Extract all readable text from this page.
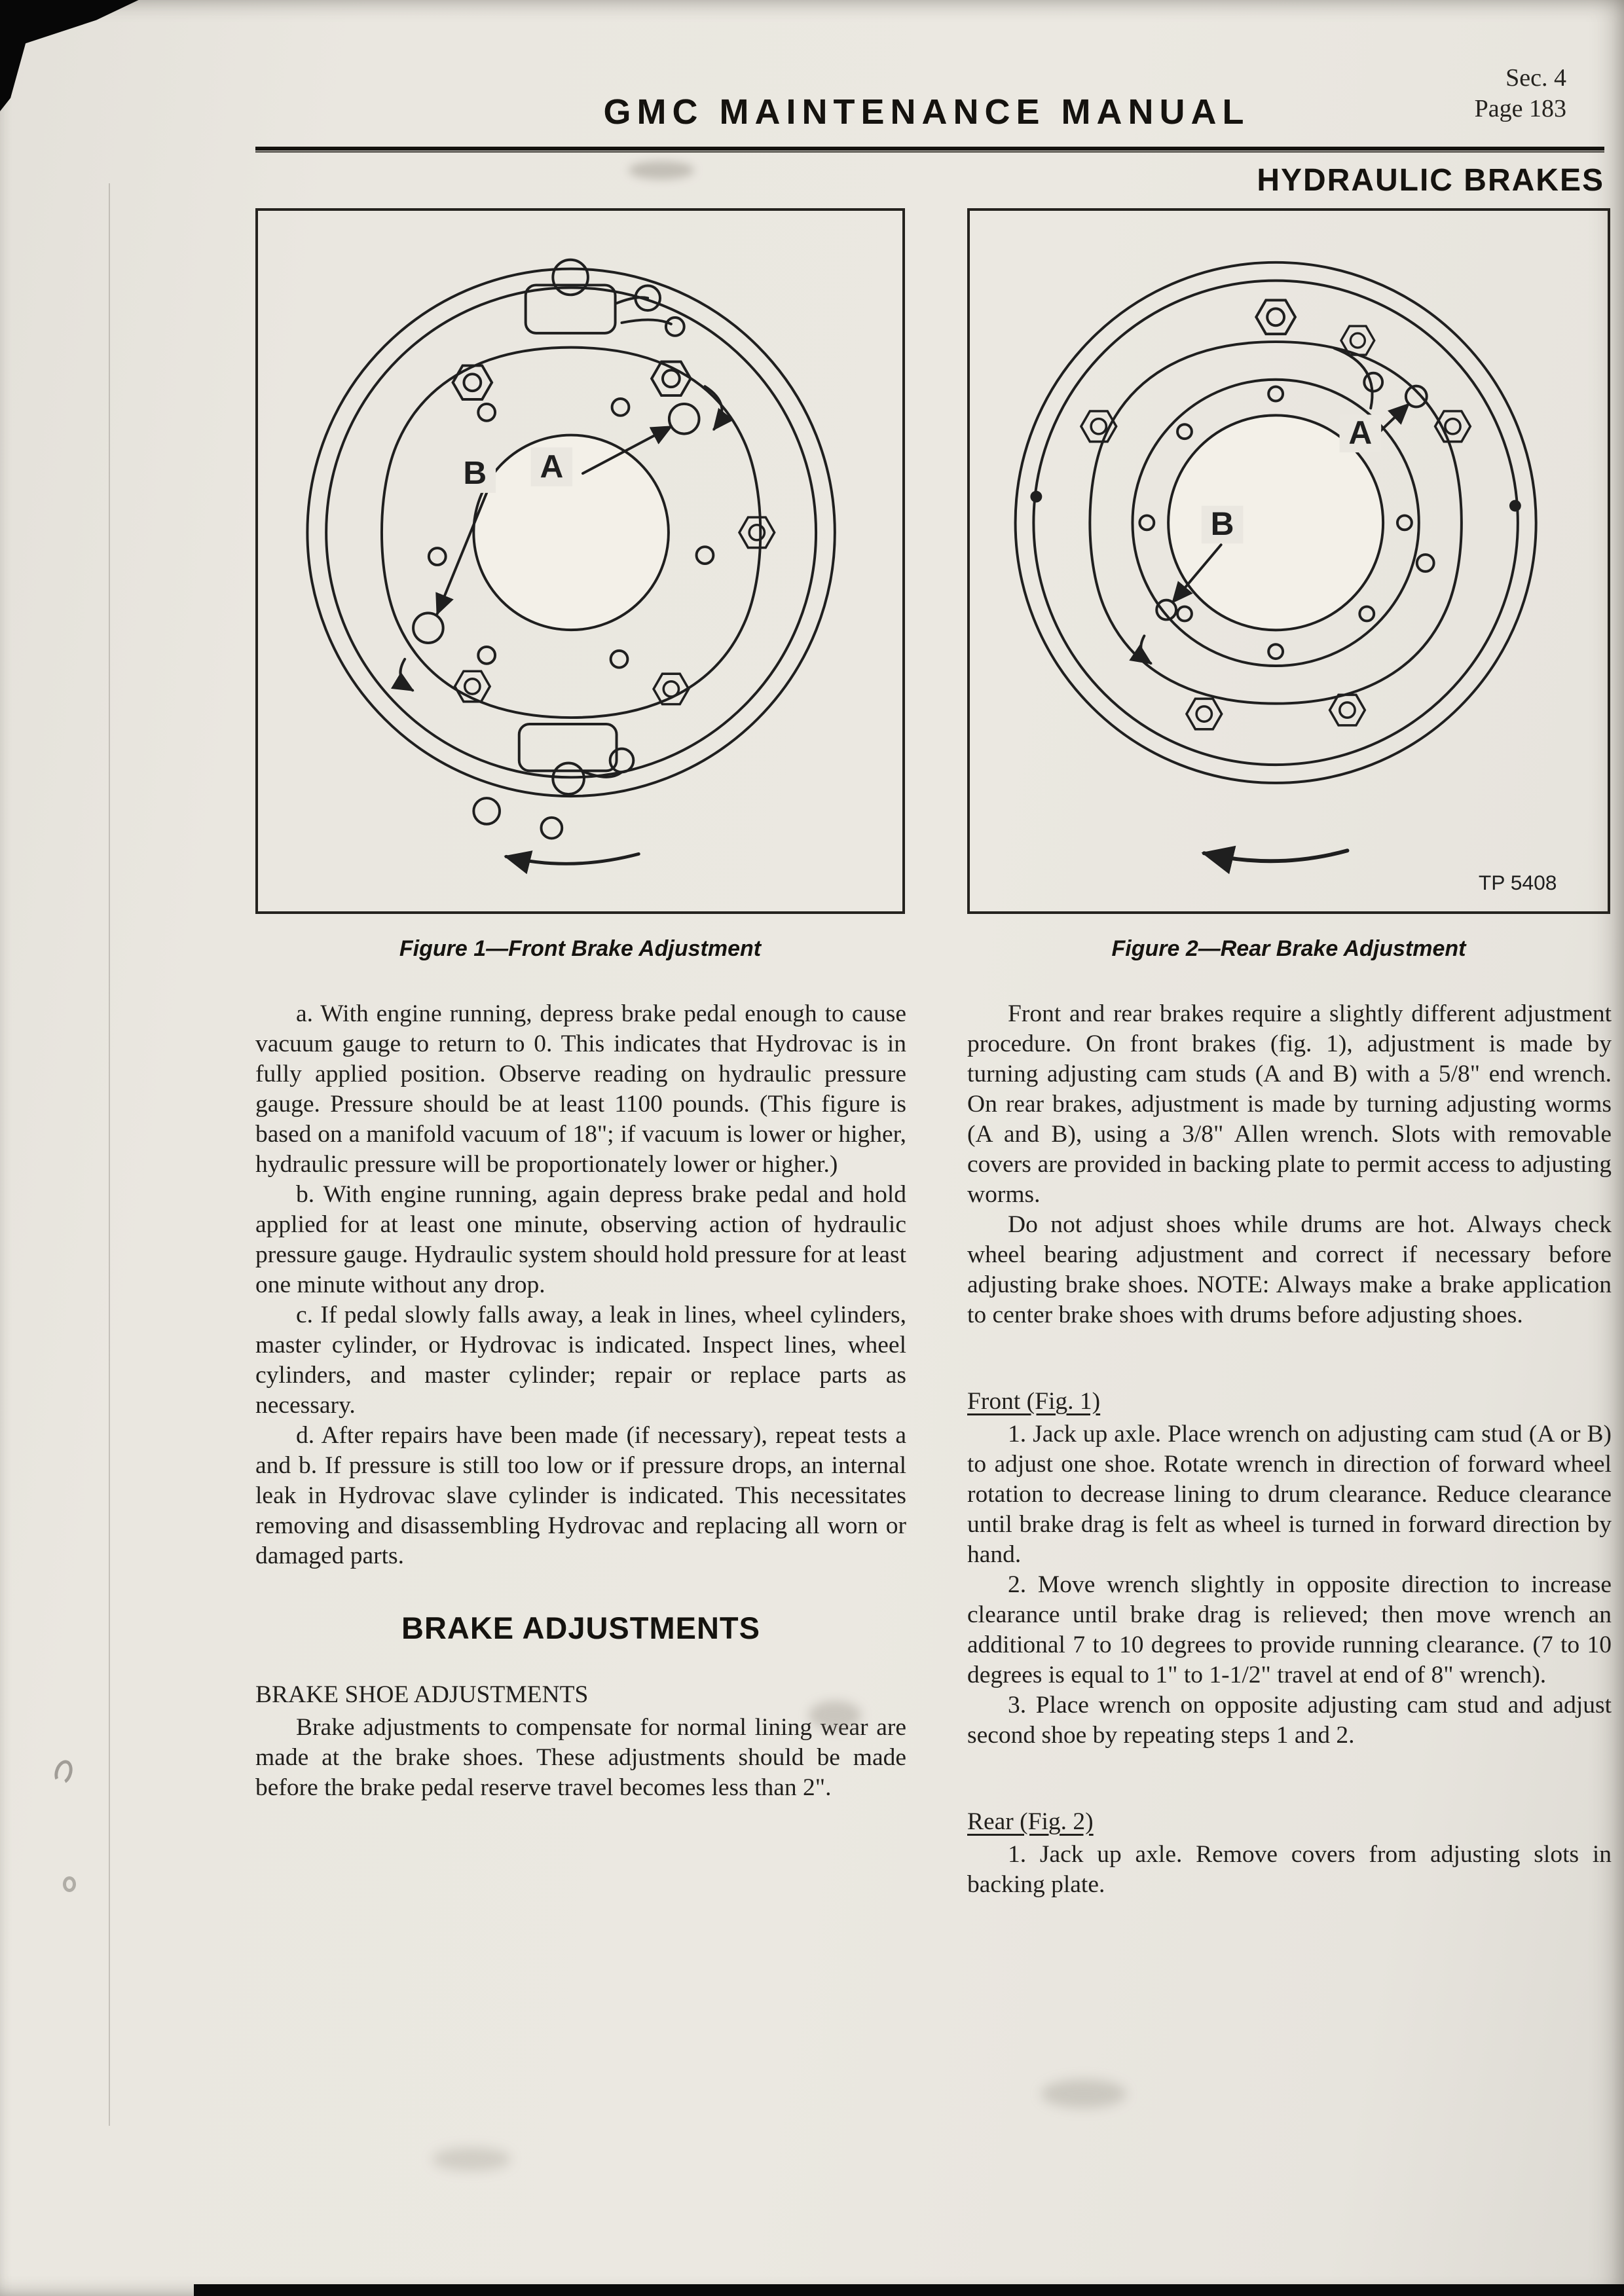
Sec. 4
Page 183
GMC MAINTENANCE MANUAL
HYDRAULIC BRAKES
A
B
A
B
TP 5408

Figure 1—Front Brake Adjustment	Figure 2—Rear Brake Adjustment

a. With engine running, depress brake pedal enough to cause vacuum gauge to return to 0. This indicates that Hydrovac is in fully applied position. Observe reading on hydraulic pressure gauge. Pressure should be at least 1100 pounds. (This figure is based on a manifold vacuum of 18"; if vacuum is lower or higher, hydraulic pressure will be proportionately lower or higher.)

b. With engine running, again depress brake pedal and hold applied for at least one minute, observing action of hydraulic pressure gauge. Hydraulic system should hold pressure for at least one minute without any drop.

c. If pedal slowly falls away, a leak in lines, wheel cylinders, master cylinder, or Hydrovac is indicated. Inspect lines, wheel cylinders, and master cylinder; repair or replace parts as necessary.

d. After repairs have been made (if necessary), repeat tests a and b. If pressure is still too low or if pressure drops, an internal leak in Hydrovac slave cylinder is indicated. This necessitates removing and disassembling Hydrovac and replacing all worn or damaged parts.

BRAKE ADJUSTMENTS

BRAKE SHOE ADJUSTMENTS

Brake adjustments to compensate for normal lining wear are made at the brake shoes. These adjustments should be made before the brake pedal reserve travel becomes less than 2".

Front and rear brakes require a slightly different adjustment procedure. On front brakes (fig. 1), adjustment is made by turning adjusting cam studs (A and B) with a 5/8" end wrench. On rear brakes, adjustment is made by turning adjusting worms (A and B), using a 3/8" Allen wrench. Slots with removable covers are provided in backing plate to permit access to adjusting worms.

Do not adjust shoes while drums are hot. Always check wheel bearing adjustment and correct if necessary before adjusting brake shoes. NOTE: Always make a brake application to center brake shoes with drums before adjusting shoes.

Front (Fig. 1)

1. Jack up axle. Place wrench on adjusting cam stud (A or B) to adjust one shoe. Rotate wrench in direction of forward wheel rotation to decrease lining to drum clearance. Reduce clearance until brake drag is felt as wheel is turned in forward direction by hand.

2. Move wrench slightly in opposite direction to increase clearance until brake drag is relieved; then move wrench an additional 7 to 10 degrees to provide running clearance. (7 to 10 degrees is equal to 1" to 1-1/2" travel at end of 8" wrench).

3. Place wrench on opposite adjusting cam stud and adjust second shoe by repeating steps 1 and 2.

Rear (Fig. 2)

1. Jack up axle. Remove covers from adjusting slots in backing plate.
